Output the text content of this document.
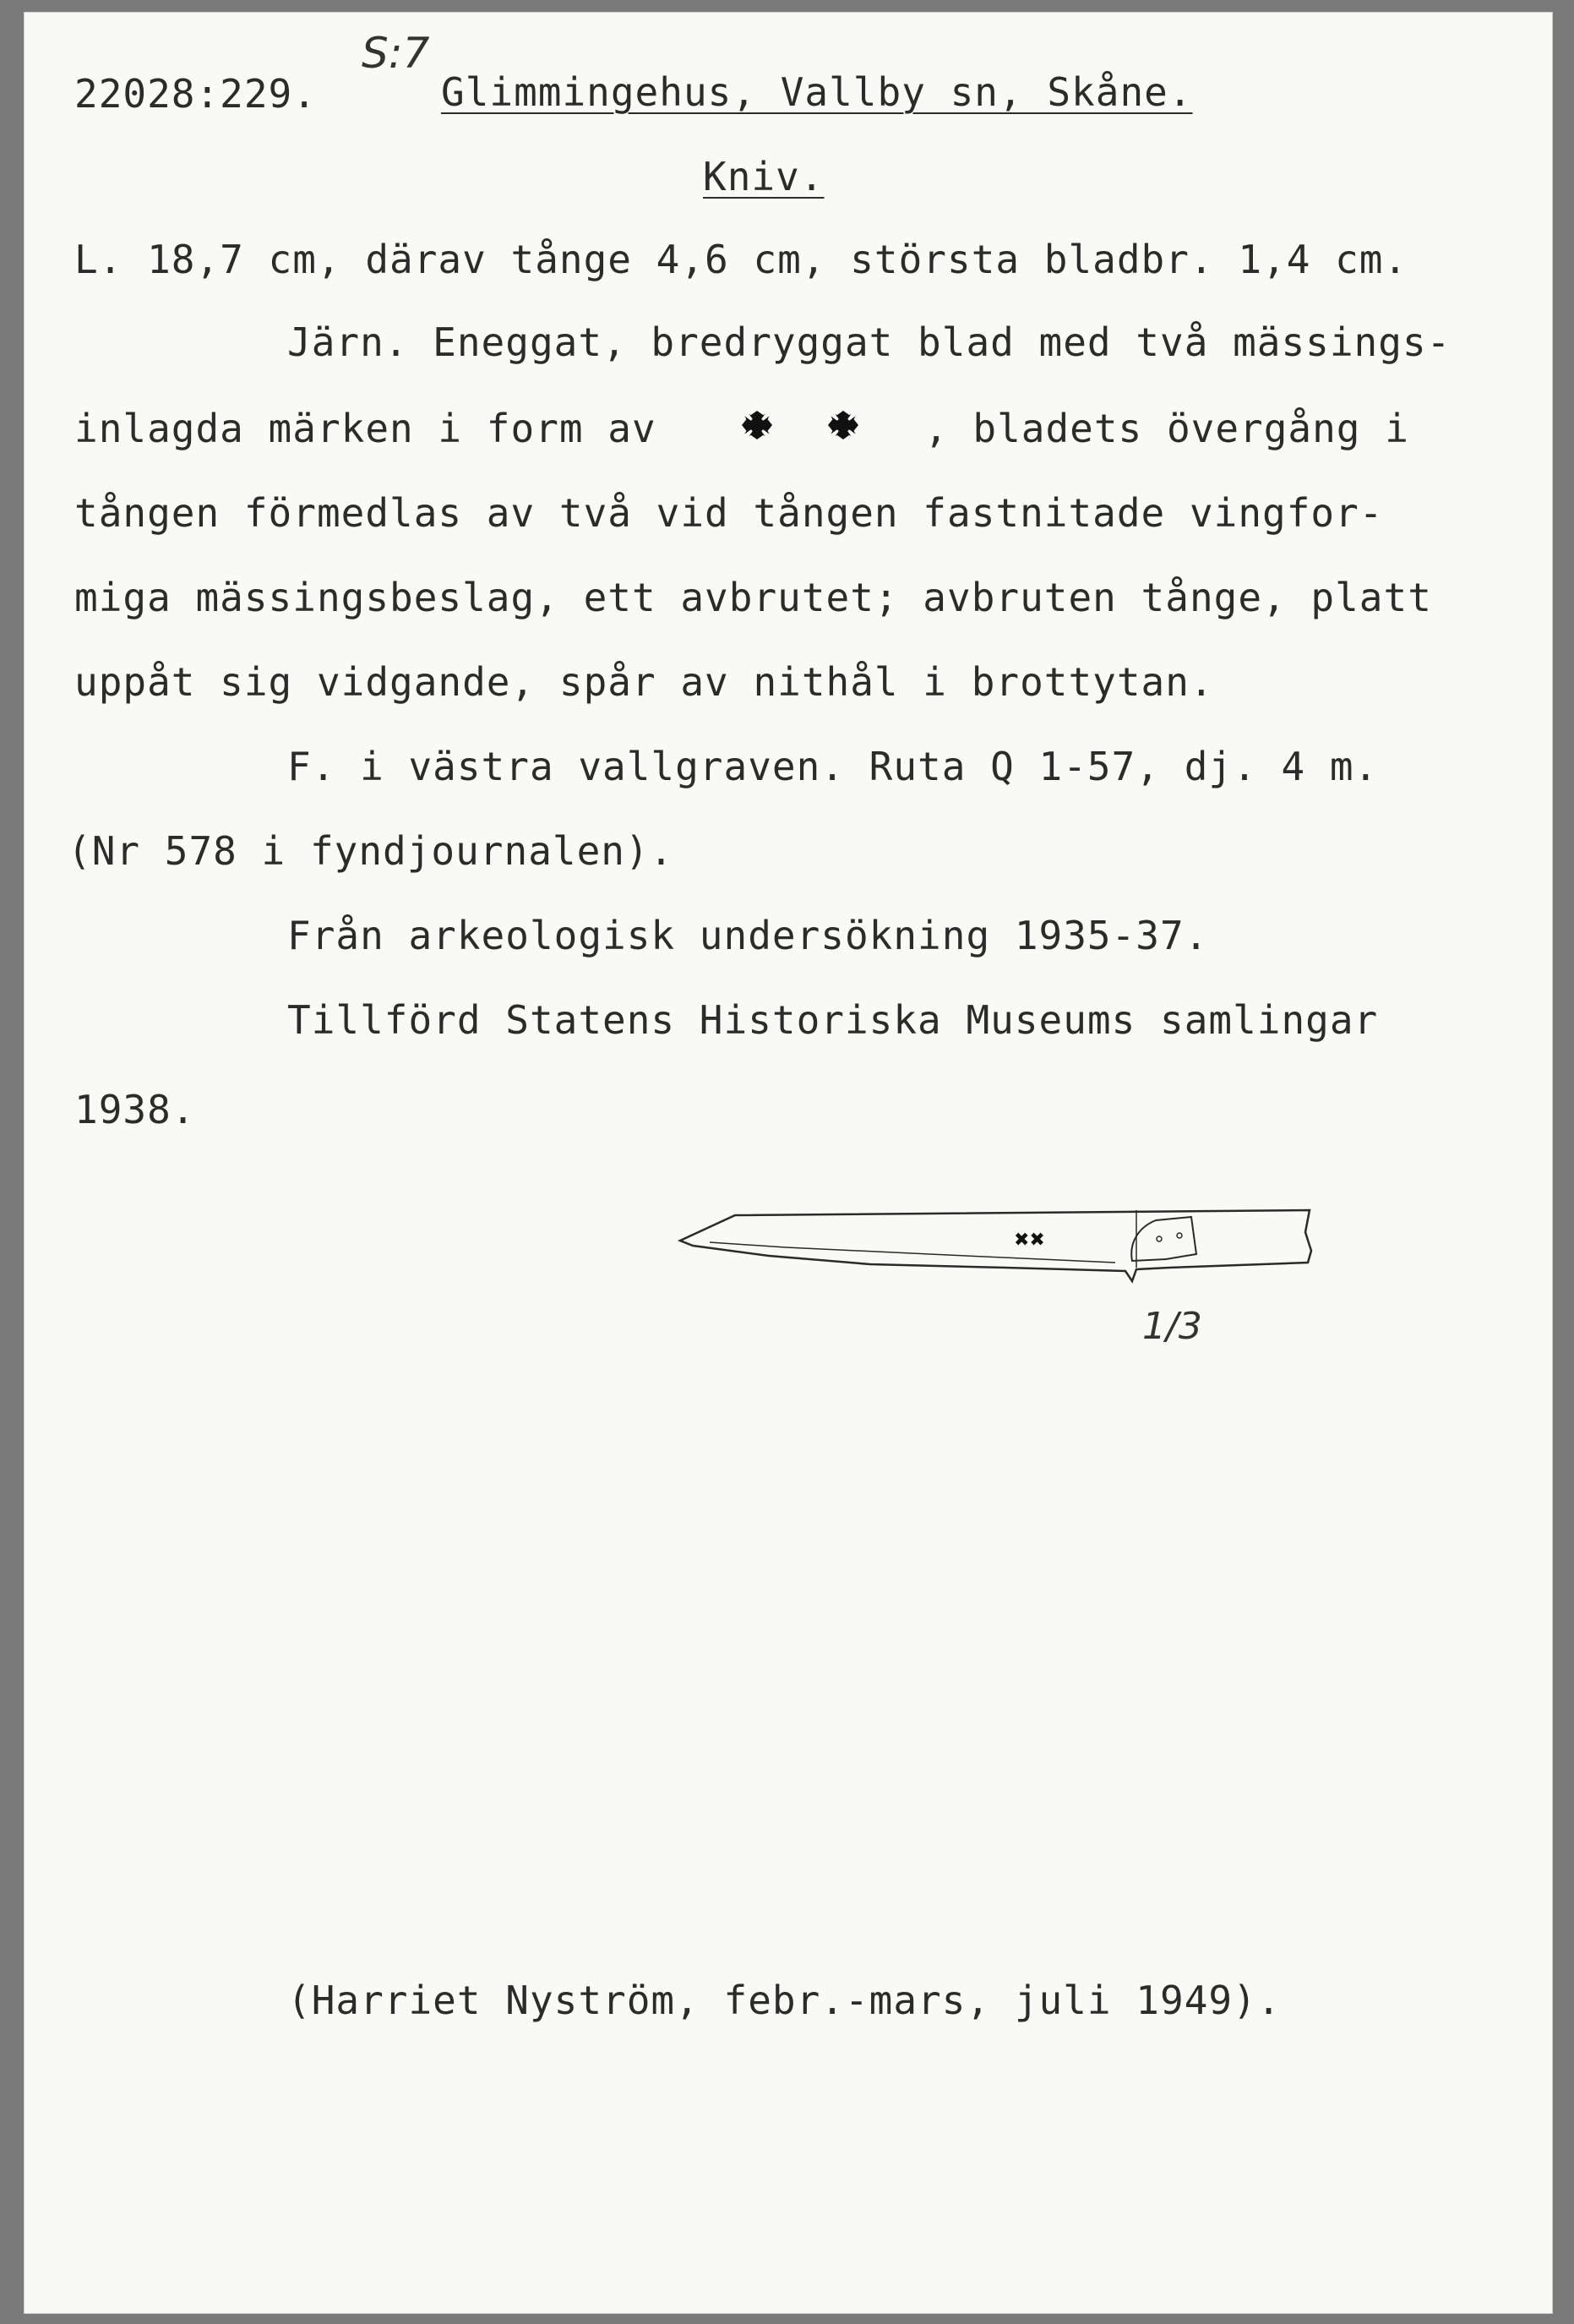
22028:229.
S:7
Glimmingehus, Vallby sn, Skåne.
Kniv.
L. 18,7 cm, därav tånge 4,6 cm, största bladbr. 1,4 cm.
Järn. Eneggat, bredryggat blad med två mässings-
inlagda märken i form av	, bladets övergång i
tången förmedlas av två vid tången fastnitade vingfor-
miga mässingsbeslag, ett avbrutet; avbruten tånge, platt
uppåt sig vidgande, spår av nithål i brottytan.
F. i västra vallgraven. Ruta Q 1-57, dj. 4 m.
(Nr 578 i fyndjournalen).
Från arkeologisk undersökning 1935-37.
Tillförd Statens Historiska Museums samlingar
1938.
✖✖
1/3
(Harriet Nyström, febr.-mars, juli 1949).
